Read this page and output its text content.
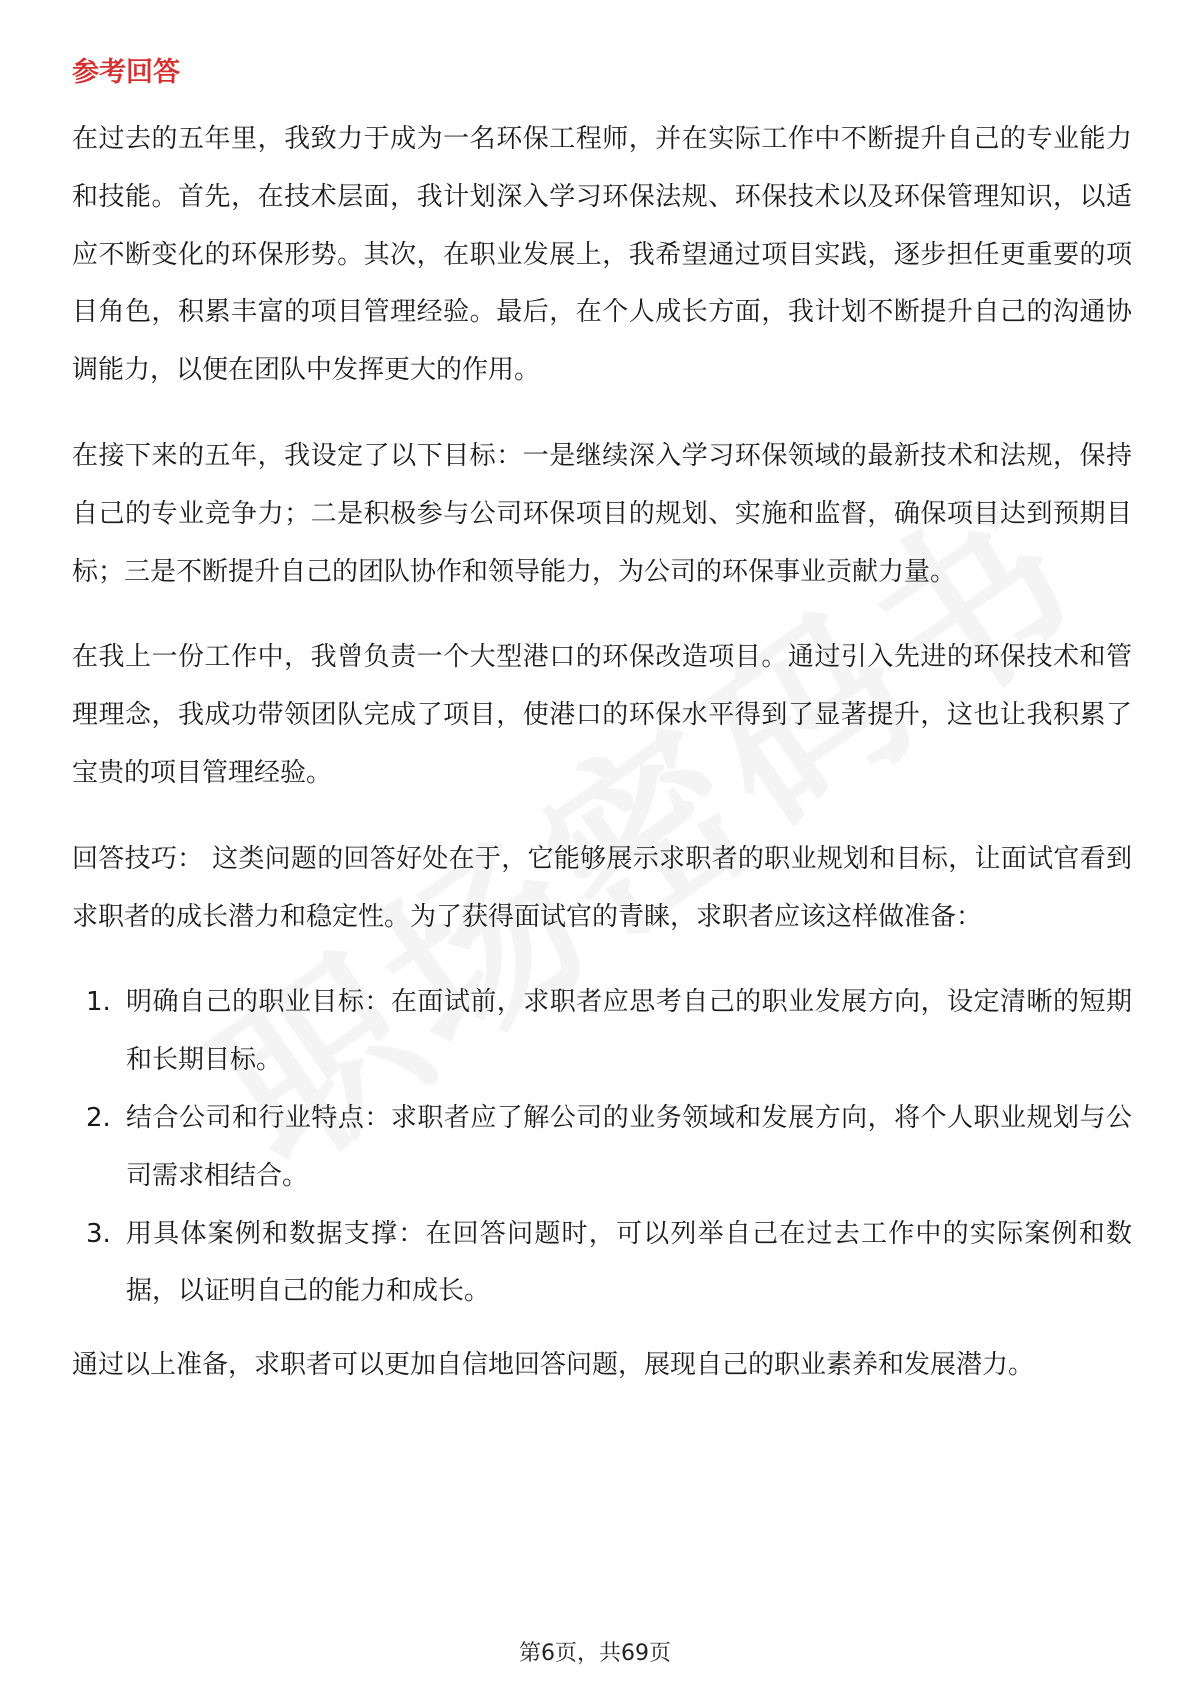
参考回答

在过去的五年里，我致力于成为一名环保工程师，并在实际工作中不断提升自己的专业能力和技能。首先，在技术层面，我计划深入学习环保法规、环保技术以及环保管理知识，以适应不断变化的环保形势。其次，在职业发展上，我希望通过项目实践，逐步担任更重要的项目角色，积累丰富的项目管理经验。最后，在个人成长方面，我计划不断提升自己的沟通协调能力，以便在团队中发挥更大的作用。

在接下来的五年，我设定了以下目标：一是继续深入学习环保领域的最新技术和法规，保持自己的专业竞争力；二是积极参与公司环保项目的规划、实施和监督，确保项目达到预期目标；三是不断提升自己的团队协作和领导能力，为公司的环保事业贡献力量。

在我上一份工作中，我曾负责一个大型港口的环保改造项目。通过引入先进的环保技术和管理理念，我成功带领团队完成了项目，使港口的环保水平得到了显著提升，这也让我积累了宝贵的项目管理经验。

回答技巧： 这类问题的回答好处在于，它能够展示求职者的职业规划和目标，让面试官看到求职者的成长潜力和稳定性。为了获得面试官的青睐，求职者应该这样做准备：

1. 明确自己的职业目标：在面试前，求职者应思考自己的职业发展方向，设定清晰的短期和长期目标。
2. 结合公司和行业特点：求职者应了解公司的业务领域和发展方向，将个人职业规划与公司需求相结合。
3. 用具体案例和数据支撑：在回答问题时，可以列举自己在过去工作中的实际案例和数据，以证明自己的能力和成长。

通过以上准备，求职者可以更加自信地回答问题，展现自己的职业素养和发展潜力。

第6页，共69页
